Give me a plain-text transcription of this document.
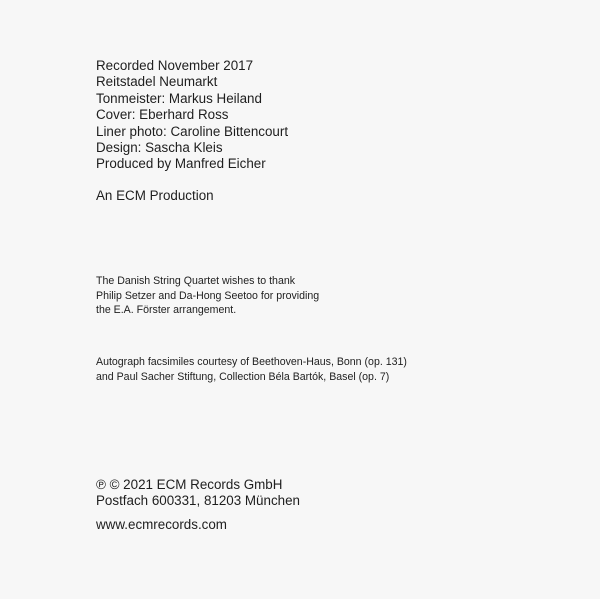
Recorded November 2017
Reitstadel Neumarkt
Tonmeister: Markus Heiland
Cover: Eberhard Ross
Liner photo: Caroline Bittencourt
Design: Sascha Kleis
Produced by Manfred Eicher
An ECM Production
The Danish String Quartet wishes to thank
Philip Setzer and Da-Hong Seetoo for providing
the E.A. Förster arrangement.
Autograph facsimiles courtesy of Beethoven-Haus, Bonn (op. 131)
and Paul Sacher Stiftung, Collection Béla Bartók, Basel (op. 7)
℗ © 2021 ECM Records GmbH
Postfach 600331, 81203 München
www.ecmrecords.com
